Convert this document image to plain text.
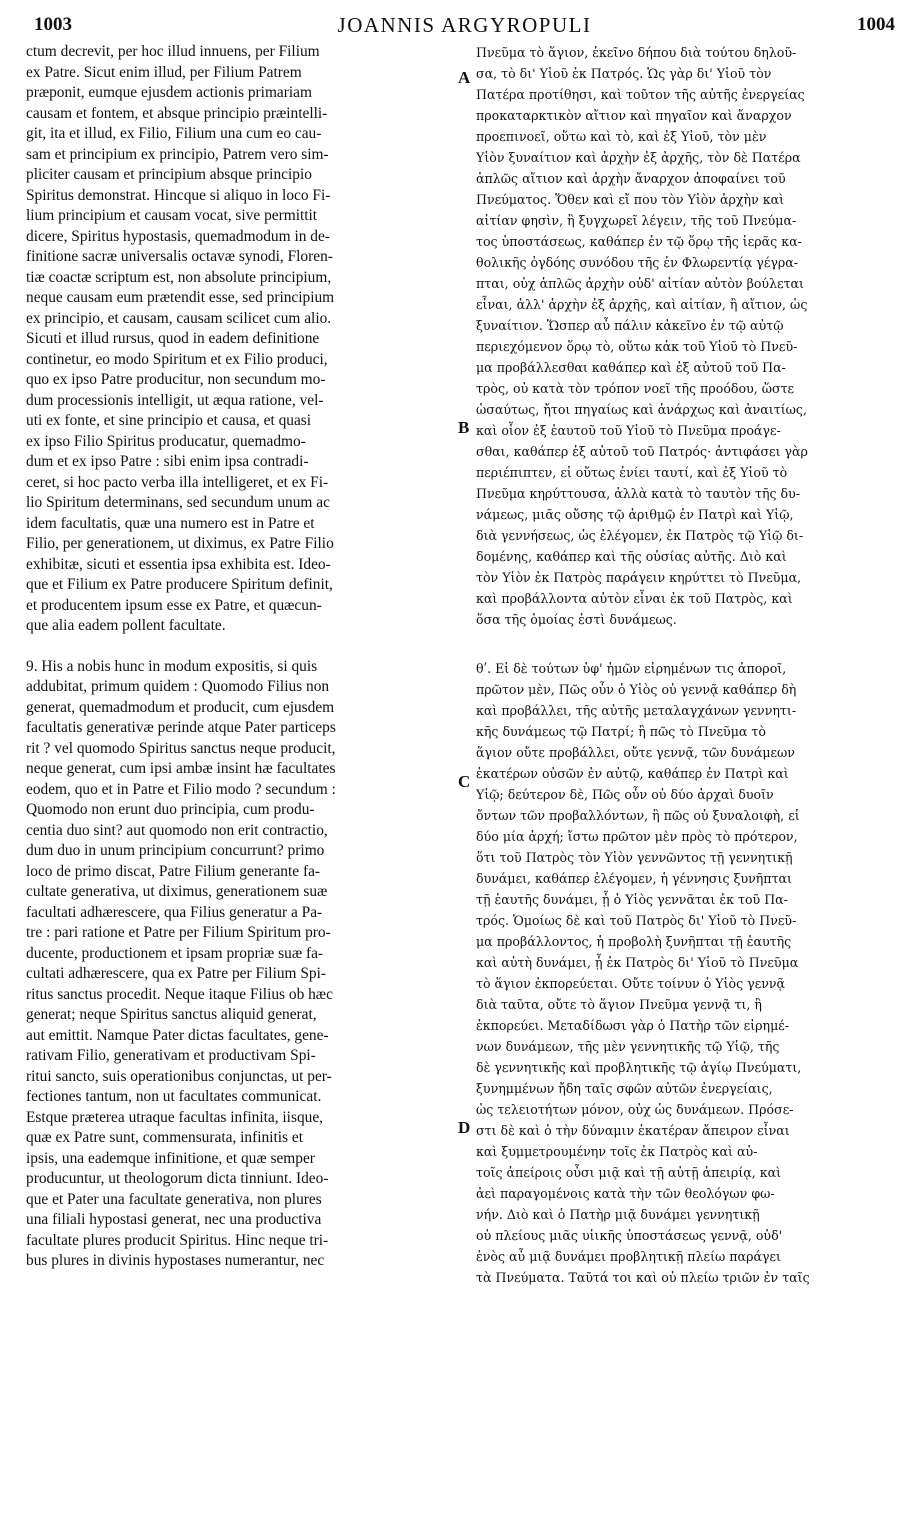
1003	JOANNIS ARGYROPULI	1004
ctum decrevit, per hoc illud innuens, per Filium
ex Patre. Sicut enim illud, per Filium Patrem
præponit, eumque ejusdem actionis primariam
causam et fontem, et absque principio præintelli-
git, ita et illud, ex Filio, Filium una cum eo cau-
sam et principium ex principio, Patrem vero sim-
pliciter causam et principium absque principio
Spiritus demonstrat. Hincque si aliquo in loco Fi-
lium principium et causam vocat, sive permittit
dicere, Spiritus hypostasis, quemadmodum in de-
finitione sacræ universalis octavæ synodi, Floren-
tiæ coactæ scriptum est, non absolute principium,
neque causam eum prætendit esse, sed principium
ex principio, et causam, causam scilicet cum alio.
Sicuti et illud rursus, quod in eadem definitione
continetur, eo modo Spiritum et ex Filio produci,
quo ex ipso Patre producitur, non secundum mo-
dum processionis intelligit, ut æqua ratione, vel-
uti ex fonte, et sine principio et causa, et quasi
ex ipso Filio Spiritus producatur, quemadmo-
dum et ex ipso Patre : sibi enim ipsa contradi-
ceret, si hoc pacto verba illa intelligeret, et ex Fi-
lio Spiritum determinans, sed secundum unum ac
idem facultatis, quæ una numero est in Patre et
Filio, per generationem, ut diximus, ex Patre Filio
exhibitæ, sicuti et essentia ipsa exhibita est. Ideo-
que et Filium ex Patre producere Spiritum definit,
et producentem ipsum esse ex Patre, et quæcun-
que alia eadem pollent facultate.
9. His a nobis hunc in modum expositis, si quis
addubitat, primum quidem : Quomodo Filius non
generat, quemadmodum et producit, cum ejusdem
facultatis generativæ perinde atque Pater particeps
rit ? vel quomodo Spiritus sanctus neque producit,
neque generat, cum ipsi ambæ insint hæ facultates
eodem, quo et in Patre et Filio modo ? secundum :
Quomodo non erunt duo principia, cum produ-
centia duo sint? aut quomodo non erit contractio,
dum duo in unum principium concurrunt? primo
loco de primo discat, Patre Filium generante fa-
cultate generativa, ut diximus, generationem suæ
facultati adhærescere, qua Filius generatur a Pa-
tre : pari ratione et Patre per Filium Spiritum pro-
ducente, productionem et ipsam propriæ suæ fa-
cultati adhærescere, qua ex Patre per Filium Spi-
ritus sanctus procedit. Neque itaque Filius ob hæc
generat; neque Spiritus sanctus aliquid generat,
aut emittit. Namque Pater dictas facultates, gene-
rativam Filio, generativam et productivam Spi-
ritui sancto, suis operationibus conjunctas, ut per-
fectiones tantum, non ut facultates communicat.
Estque præterea utraque facultas infinita, iisque,
quæ ex Patre sunt, commensurata, infinitis et
ipsis, una eademque infinitione, et quæ semper
producuntur, ut theologorum dicta tinniunt. Ideo-
que et Pater una facultate generativa, non plures
una filiali hypostasi generat, nec una productiva
facultate plures producit Spiritus. Hinc neque tri-
bus plures in divinis hypostases numerantur, nec
Πνεῦμα τὸ ἅγιον, ἐκεῖνο δήπου διὰ τούτου δηλοῦ-
σα, τὸ δι' Υἱοῦ ἐκ Πατρός. Ὡς γὰρ δι' Υἱοῦ τὸν
Πατέρα προτίθησι, καὶ τοῦτον τῆς αὐτῆς ἐνεργείας
προκαταρκτικὸν αἴτιον καὶ πηγαῖον καὶ ἄναρχον
προεπινοεῖ, οὕτω καὶ τὸ, καὶ ἐξ Υἱοῦ, τὸν μὲν
Υἱὸν ξυναίτιον καὶ ἀρχὴν ἐξ ἀρχῆς, τὸν δὲ Πατέρα
ἁπλῶς αἴτιον καὶ ἀρχὴν ἄναρχον ἀποφαίνει τοῦ
Πνεύματος. Ὅθεν καὶ εἴ που τὸν Υἱὸν ἀρχὴν καὶ
αἰτίαν φησὶν, ἢ ξυγχωρεῖ λέγειν, τῆς τοῦ Πνεύμα-
τος ὑποστάσεως, καθάπερ ἐν τῷ ὅρῳ τῆς ἱερᾶς κα-
θολικῆς ὀγδόης συνόδου τῆς ἐν Φλωρεντίᾳ γέγρα-
πται, οὐχ ἁπλῶς ἀρχὴν οὐδ' αἰτίαν αὐτὸν βούλεται
εἶναι, ἀλλ' ἀρχὴν ἐξ ἀρχῆς, καὶ αἰτίαν, ἢ αἴτιον, ὡς
ξυναίτιον. Ὥσπερ αὖ πάλιν κἀκεῖνο ἐν τῷ αὐτῷ
περιεχόμενον ὅρῳ τὸ, οὕτω κἀκ τοῦ Υἱοῦ τὸ Πνεῦ-
μα προβάλλεσθαι καθάπερ καὶ ἐξ αὐτοῦ τοῦ Πα-
τρὸς, οὐ κατὰ τὸν τρόπον νοεῖ τῆς προόδου, ὥστε
ὡσαύτως, ἤτοι πηγαίως καὶ ἀνάρχως καὶ ἀναιτίως,
καὶ οἷον ἐξ ἑαυτοῦ τοῦ Υἱοῦ τὸ Πνεῦμα προάγε-
σθαι, καθάπερ ἐξ αὐτοῦ τοῦ Πατρός· ἀντιφάσει γὰρ
περιέπιπτεν, εἰ οὕτως ἐνίει ταυτί, καὶ ἐξ Υἱοῦ τὸ
Πνεῦμα κηρύττουσα, ἀλλὰ κατὰ τὸ ταυτὸν τῆς δυ-
νάμεως, μιᾶς οὔσης τῷ ἀριθμῷ ἐν Πατρὶ καὶ Υἱῷ,
διὰ γεννήσεως, ὡς ἐλέγομεν, ἐκ Πατρὸς τῷ Υἱῷ δι-
δομένης, καθάπερ καὶ τῆς οὐσίας αὐτῆς. Διὸ καὶ
τὸν Υἱὸν ἐκ Πατρὸς παράγειν κηρύττει τὸ Πνεῦμα,
καὶ προβάλλοντα αὐτὸν εἶναι ἐκ τοῦ Πατρὸς, καὶ
ὅσα τῆς ὁμοίας ἐστὶ δυνάμεως.
θʹ. Εἰ δὲ τούτων ὑφ' ἡμῶν εἰρημένων τις ἀποροῖ,
πρῶτον μὲν, Πῶς οὖν ὁ Υἱὸς οὐ γεννᾷ καθάπερ δὴ
καὶ προβάλλει, τῆς αὐτῆς μεταλαγχάνων γεννητι-
κῆς δυνάμεως τῷ Πατρί; ἢ πῶς τὸ Πνεῦμα τὸ
ἅγιον οὔτε προβάλλει, οὔτε γεννᾷ, τῶν δυνάμεων
ἑκατέρων οὐσῶν ἐν αὐτῷ, καθάπερ ἐν Πατρὶ καὶ
Υἱῷ; δεύτερον δὲ, Πῶς οὖν οὐ δύο ἀρχαὶ δυοῖν
ὄντων τῶν προβαλλόντων, ἢ πῶς οὐ ξυναλοιφὴ, εἰ
δύο μία ἀρχή; ἴστω πρῶτον μὲν πρὸς τὸ πρότερον,
ὅτι τοῦ Πατρὸς τὸν Υἱὸν γεννῶντος τῇ γεννητικῇ
δυνάμει, καθάπερ ἐλέγομεν, ἡ γέννησις ξυνῆπται
τῇ ἑαυτῆς δυνάμει, ᾗ ὁ Υἱὸς γεννᾶται ἐκ τοῦ Πα-
τρός. Ὁμοίως δὲ καὶ τοῦ Πατρὸς δι' Υἱοῦ τὸ Πνεῦ-
μα προβάλλοντος, ἡ προβολὴ ξυνῆπται τῇ ἑαυτῆς
καὶ αὐτὴ δυνάμει, ᾗ ἐκ Πατρὸς δι' Υἱοῦ τὸ Πνεῦμα
τὸ ἅγιον ἐκπορεύεται. Οὔτε τοίνυν ὁ Υἱὸς γεννᾷ
διὰ ταῦτα, οὔτε τὸ ἅγιον Πνεῦμα γεννᾷ τι, ἢ
ἐκπορεύει. Μεταδίδωσι γὰρ ὁ Πατὴρ τῶν εἰρημέ-
νων δυνάμεων, τῆς μὲν γεννητικῆς τῷ Υἱῷ, τῆς
δὲ γεννητικῆς καὶ προβλητικῆς τῷ ἁγίῳ Πνεύματι,
ξυνημμένων ἤδη ταῖς σφῶν αὐτῶν ἐνεργείαις,
ὡς τελειοτήτων μόνον, οὐχ ὡς δυνάμεων. Πρόσε-
στι δὲ καὶ ὁ τὴν δύναμιν ἑκατέραν ἄπειρον εἶναι
καὶ ξυμμετρουμένην τοῖς ἐκ Πατρὸς καὶ αὐ-
τοῖς ἀπείροις οὖσι μιᾷ καὶ τῇ αὐτῇ ἀπειρίᾳ, καὶ
ἀεὶ παραγομένοις κατὰ τὴν τῶν θεολόγων φω-
νήν. Διὸ καὶ ὁ Πατὴρ μιᾷ δυνάμει γεννητικῇ
οὐ πλείους μιᾶς υἱικῆς ὑποστάσεως γεννᾷ, οὐδ'
ἑνὸς αὖ μιᾷ δυνάμει προβλητικῇ πλείω παράγει
τὰ Πνεύματα. Ταῦτά τοι καὶ οὐ πλείω τριῶν ἐν ταῖς
A
B
C
D
